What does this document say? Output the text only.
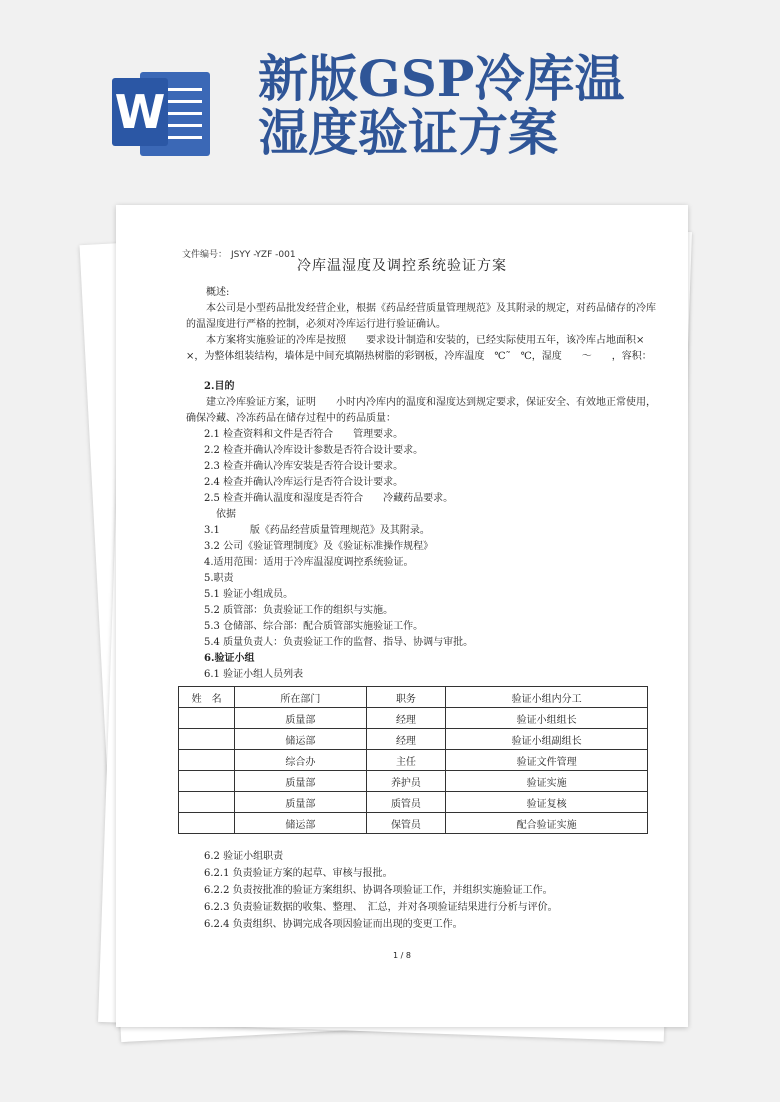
W
新版GSP冷库温
湿度验证方案
文件编号： JSYY -YZF -001
冷库温湿度及调控系统验证方案

概述:

本公司是小型药品批发经营企业，根据《药品经营质量管理规范》及其附录的规定，对药品储存的冷库的温湿度进行严格的控制，必须对冷库运行进行验证确认。

本方案将实施验证的冷库是按照　　要求设计制造和安装的，已经实际使用五年，该冷库占地面积×　×，为整体组装结构，墙体是中间充填隔热树脂的彩钢板，冷库温度　℃˜　℃，湿度　　～　　，容积：

2.目的

建立冷库验证方案，证明　　小时内冷库内的温度和湿度达到规定要求，保证安全、有效地正常使用，确保冷藏、冷冻药品在储存过程中的药品质量：

2.1 检查资料和文件是否符合　　管理要求。

2.2 检查并确认冷库设计参数是否符合设计要求。

2.3 检查并确认冷库安装是否符合设计要求。

2.4 检查并确认冷库运行是否符合设计要求。

2.5 检查并确认温度和湿度是否符合　　冷藏药品要求。

依据

3.1　　　版《药品经营质量管理规范》及其附录。

3.2 公司《验证管理制度》及《验证标准操作规程》

4.适用范围：适用于冷库温湿度调控系统验证。

5.职责

5.1 验证小组成员。

5.2 质管部：负责验证工作的组织与实施。

5.3 仓储部、综合部：配合质管部实施验证工作。

5.4 质量负责人：负责验证工作的监督、指导、协调与审批。

6.验证小组

6.1 验证小组人员列表

姓　名	所在部门	职务	验证小组内分工
	质量部	经理	验证小组组长
	储运部	经理	验证小组副组长
	综合办	主任	验证文件管理
	质量部	养护员	验证实施
	质量部	质管员	验证复核
	储运部	保管员	配合验证实施

6.2 验证小组职责

6.2.1 负责验证方案的起草、审核与报批。

6.2.2 负责按批准的验证方案组织、协调各项验证工作，并组织实施验证工作。

6.2.3 负责验证数据的收集、整理、　汇总，并对各项验证结果进行分析与评价。

6.2.4 负责组织、协调完成各项因验证而出现的变更工作。

1 / 8
